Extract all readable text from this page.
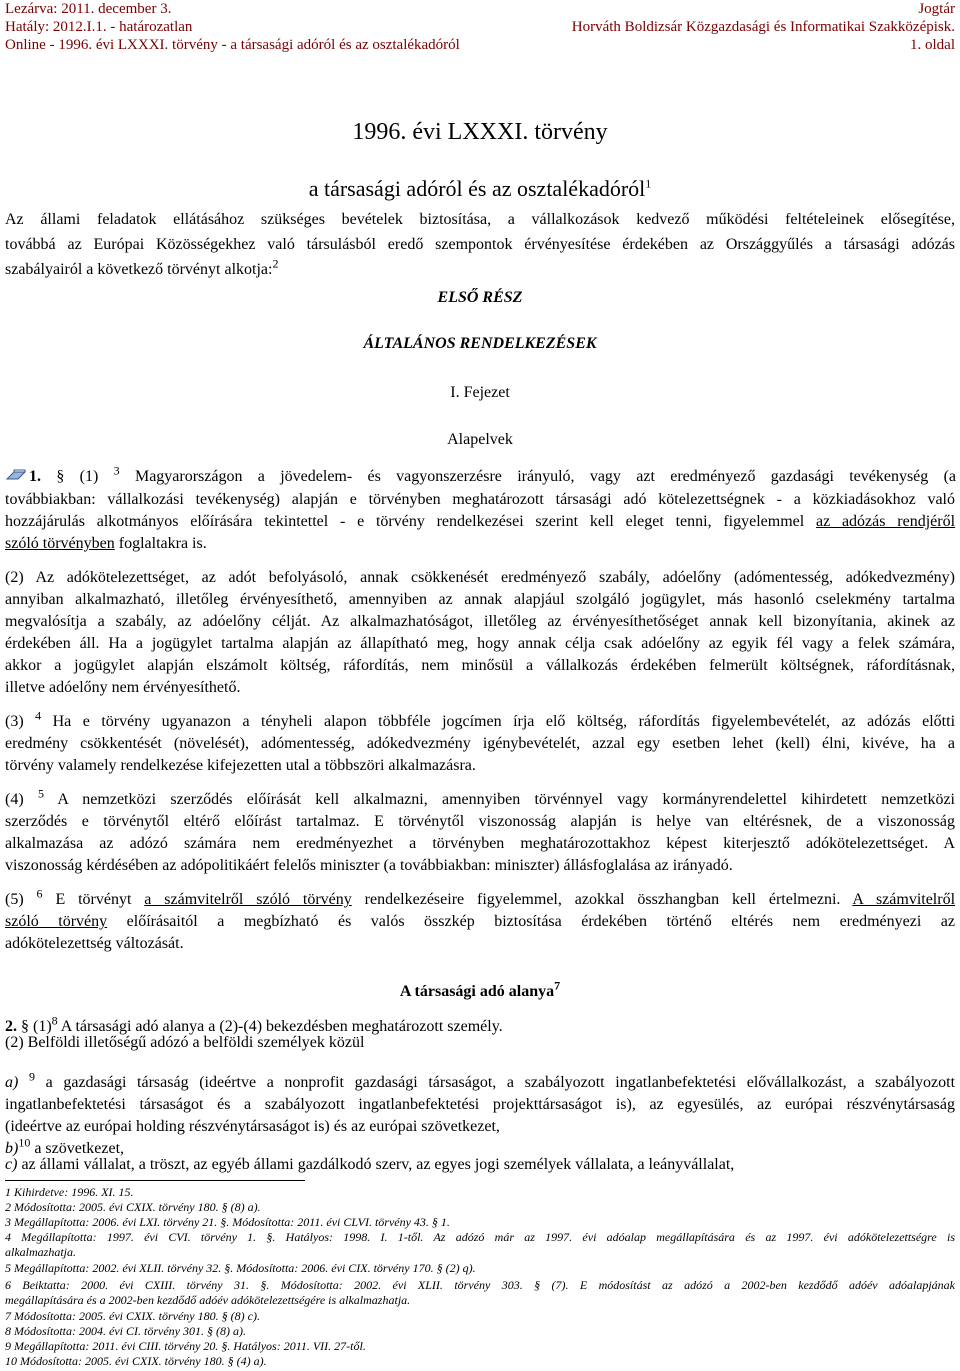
Lezárva: 2011. december 3.
Hatály: 2012.I.1. - határozatlan
Online - 1996. évi LXXXI. törvény - a társasági adóról és az osztalékadóról
Jogtár
Horváth Boldizsár Közgazdasági és Informatikai Szakközépisk.
1. oldal
1996. évi LXXXI. törvény
a társasági adóról és az osztalékadóról$^1$
Az állami feladatok ellátásához szükséges bevételek biztosítása, a vállalkozások kedvező működési feltételeinek elősegítése,
továbbá az Európai Közösségekhez való társulásból eredő szempontok érvényesítése érdekében az Országgyűlés a társasági adózás
szabályairól a következő törvényt alkotja:$^2$
ELSŐ RÉSZ
ÁLTALÁNOS RENDELKEZÉSEK
I. Fejezet
Alapelvek
1. § (1) $^3$ Magyarországon a jövedelem- és vagyonszerzésre irányuló, vagy azt eredményező gazdasági tevékenység (a
továbbiakban: vállalkozási tevékenység) alapján e törvényben meghatározott társasági adó kötelezettségnek - a közkiadásokhoz való
hozzájárulás alkotmányos előírására tekintettel - e törvény rendelkezései szerint kell eleget tenni, figyelemmel az adózás rendjéről
szóló törvényben foglaltakra is.
(2) Az adókötelezettséget, az adót befolyásoló, annak csökkenését eredményező szabály, adóelőny (adómentesség, adókedvezmény)
annyiban alkalmazható, illetőleg érvényesíthető, amennyiben az annak alapjául szolgáló jogügylet, más hasonló cselekmény tartalma
megvalósítja a szabály, az adóelőny célját. Az alkalmazhatóságot, illetőleg az érvényesíthetőséget annak kell bizonyítania, akinek az
érdekében áll. Ha a jogügylet tartalma alapján az állapítható meg, hogy annak célja csak adóelőny az egyik fél vagy a felek számára,
akkor a jogügylet alapján elszámolt költség, ráfordítás, nem minősül a vállalkozás érdekében felmerült költségnek, ráfordításnak,
illetve adóelőny nem érvényesíthető.
(3) $^4$ Ha e törvény ugyanazon a tényheli alapon többféle jogcímen írja elő költség, ráfordítás figyelembevételét, az adózás előtti
eredmény csökkentését (növelését), adómentesség, adókedvezmény igénybevételét, azzal egy esetben lehet (kell) élni, kivéve, ha a
törvény valamely rendelkezése kifejezetten utal a többszöri alkalmazásra.
(4) $^5$ A nemzetközi szerződés előírását kell alkalmazni, amennyiben törvénnyel vagy kormányrendelettel kihirdetett nemzetközi
szerződés e törvénytől eltérő előírást tartalmaz. E törvénytől viszonosság alapján is helye van eltérésnek, de a viszonosság
alkalmazása az adózó számára nem eredményezhet a törvényben meghatározottakhoz képest kiterjesztő adókötelezettséget. A
viszonosság kérdésében az adópolitikáért felelős miniszter (a továbbiakban: miniszter) állásfoglalása az irányadó.
(5) $^6$ E törvényt a számvitelről szóló törvény rendelkezéseire figyelemmel, azokkal összhangban kell értelmezni. A számvitelről
szóló törvény előírásaitól a megbízható és valós összkép biztosítása érdekében történő eltérés nem eredményezi az
adókötelezettség változását.
A társasági adó alanya$^7$
2. § $(1)^8$ A társasági adó alanya a (2)-(4) bekezdésben meghatározott személy.
(2) Belföldi illetőségű adózó a belföldi személyek közül
a) $^9$ a gazdasági társaság (ideértve a nonprofit gazdasági társaságot, a szabályozott ingatlanbefektetési elővállalkozást, a szabályozott
ingatlanbefektetési társaságot és a szabályozott ingatlanbefektetési projekttársaságot is), az egyesülés, az európai részvénytársaság
(ideértve az európai holding részvénytársaságot is) és az európai szövetkezet,
b)$^{10}$ a szövetkezet,
c) az állami vállalat, a tröszt, az egyéb állami gazdálkodó szerv, az egyes jogi személyek vállalata, a leányvállalat,
1 Kihirdetve: 1996. XI. 15.
2 Módosította: 2005. évi CXIX. törvény 180. § (8) a).
3 Megállapította: 2006. évi LXI. törvény 21. §. Módosította: 2011. évi CLVI. törvény 43. § 1.
4 Megállapította: 1997. évi CVI. törvény 1. §. Hatályos: 1998. I. 1-től. Az adózó már az 1997. évi adóalap megállapítására és az 1997. évi adókötelezettségre is
alkalmazhatja.
5 Megállapította: 2002. évi XLII. törvény 32. §. Módosította: 2006. évi CIX. törvény 170. § (2) q).
6 Beiktatta: 2000. évi CXIII. törvény 31. §. Módosította: 2002. évi XLII. törvény 303. § (7). E módosítást az adózó a 2002-ben kezdődő adóév adóalapjának
megállapítására és a 2002-ben kezdődő adóév adókötelezettségére is alkalmazhatja.
7 Módosította: 2005. évi CXIX. törvény 180. § (8) c).
8 Módosította: 2004. évi CI. törvény 301. § (8) a).
9 Megállapította: 2011. évi CIII. törvény 20. §. Hatályos: 2011. VII. 27-től.
10 Módosította: 2005. évi CXIX. törvény 180. § (4) a).
